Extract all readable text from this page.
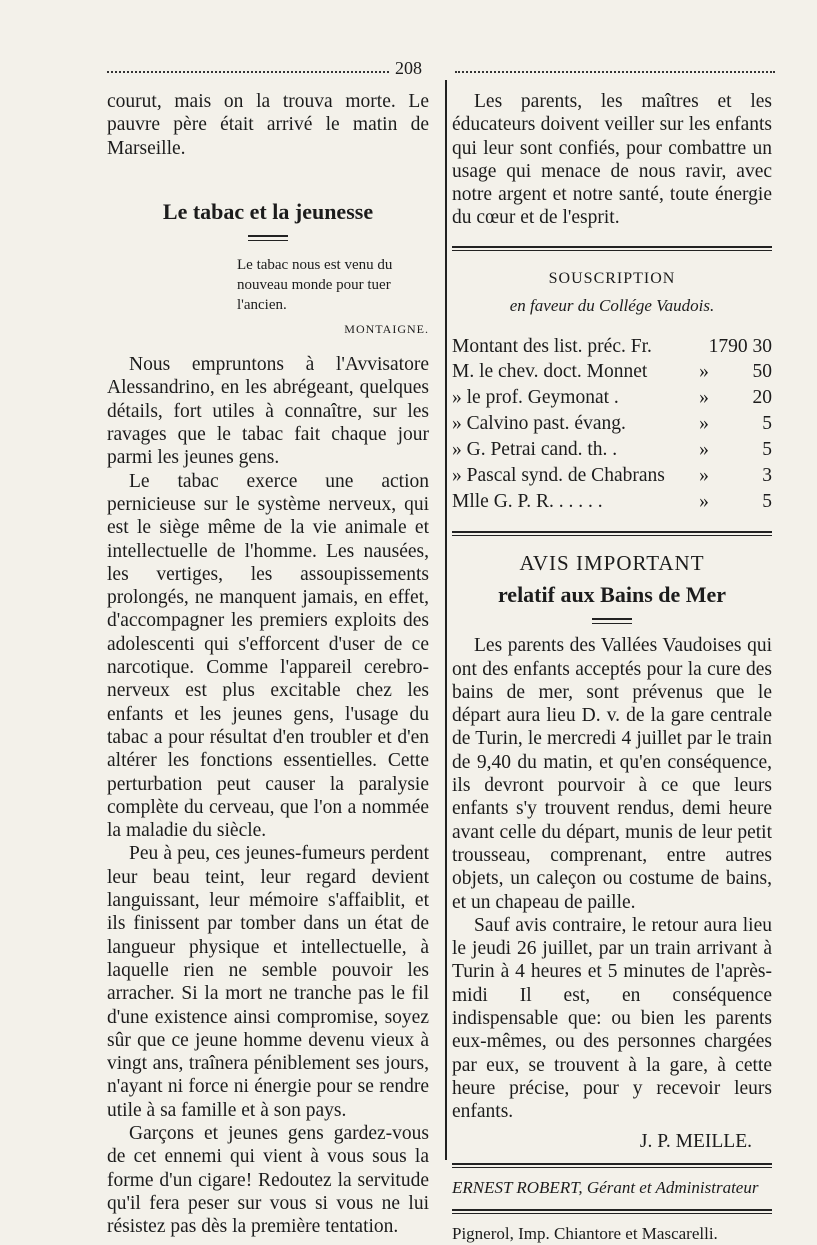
208

courut, mais on la trouva morte. Le pauvre père était arrivé le matin de Marseille.

Le tabac et la jeunesse
Le tabac nous est venu du nouveau monde pour tuer l'ancien.
MONTAIGNE.

Nous empruntons à l'Avvisatore Alessandrino, en les abrégeant, quelques détails, fort utiles à connaître, sur les ravages que le tabac fait chaque jour parmi les jeunes gens.

Le tabac exerce une action pernicieuse sur le système nerveux, qui est le siège même de la vie animale et intellectuelle de l'homme. Les nausées, les vertiges, les assoupissements prolongés, ne manquent jamais, en effet, d'accompagner les premiers exploits des adolescenti qui s'efforcent d'user de ce narcotique. Comme l'appareil cerebro-nerveux est plus excitable chez les enfants et les jeunes gens, l'usage du tabac a pour résultat d'en troubler et d'en altérer les fonctions essentielles. Cette perturbation peut causer la paralysie complète du cerveau, que l'on a nommée la maladie du siècle.

Peu à peu, ces jeunes-fumeurs perdent leur beau teint, leur regard devient languissant, leur mémoire s'affaiblit, et ils finissent par tomber dans un état de langueur physique et intellectuelle, à laquelle rien ne semble pouvoir les arracher. Si la mort ne tranche pas le fil d'une existence ainsi compromise, soyez sûr que ce jeune homme devenu vieux à vingt ans, traînera péniblement ses jours, n'ayant ni force ni énergie pour se rendre utile à sa famille et à son pays.

Garçons et jeunes gens gardez-vous de cet ennemi qui vient à vous sous la forme d'un cigare! Redoutez la servitude qu'il fera peser sur vous si vous ne lui résistez pas dès la première tentation.

Les parents, les maîtres et les éducateurs doivent veiller sur les enfants qui leur sont confiés, pour combattre un usage qui menace de nous ravir, avec notre argent et notre santé, toute énergie du cœur et de l'esprit.

SOUSCRIPTION
en faveur du Collége Vaudois.
Montant des list. préc. Fr.	1790 30
M. le chev. doct. Monnet	»	50
» le prof. Geymonat .	»	20
» Calvino past. évang.	»	5
» G. Petrai cand. th. .	»	5
» Pascal synd. de Chabrans	»	3
Mlle G. P. R. . . . . .	»	5
AVIS IMPORTANT
relatif aux Bains de Mer

Les parents des Vallées Vaudoises qui ont des enfants acceptés pour la cure des bains de mer, sont prévenus que le départ aura lieu D. v. de la gare centrale de Turin, le mercredi 4 juillet par le train de 9,40 du matin, et qu'en conséquence, ils devront pourvoir à ce que leurs enfants s'y trouvent rendus, demi heure avant celle du départ, munis de leur petit trousseau, comprenant, entre autres objets, un caleçon ou costume de bains, et un chapeau de paille.

Sauf avis contraire, le retour aura lieu le jeudi 26 juillet, par un train arrivant à Turin à 4 heures et 5 minutes de l'après-midi Il est, en conséquence indispensable que: ou bien les parents eux-mêmes, ou des personnes chargées par eux, se trouvent à la gare, à cette heure précise, pour y recevoir leurs enfants.

J. P. MEILLE.
ERNEST ROBERT, Gérant et Administrateur
Pignerol, Imp. Chiantore et Mascarelli.
